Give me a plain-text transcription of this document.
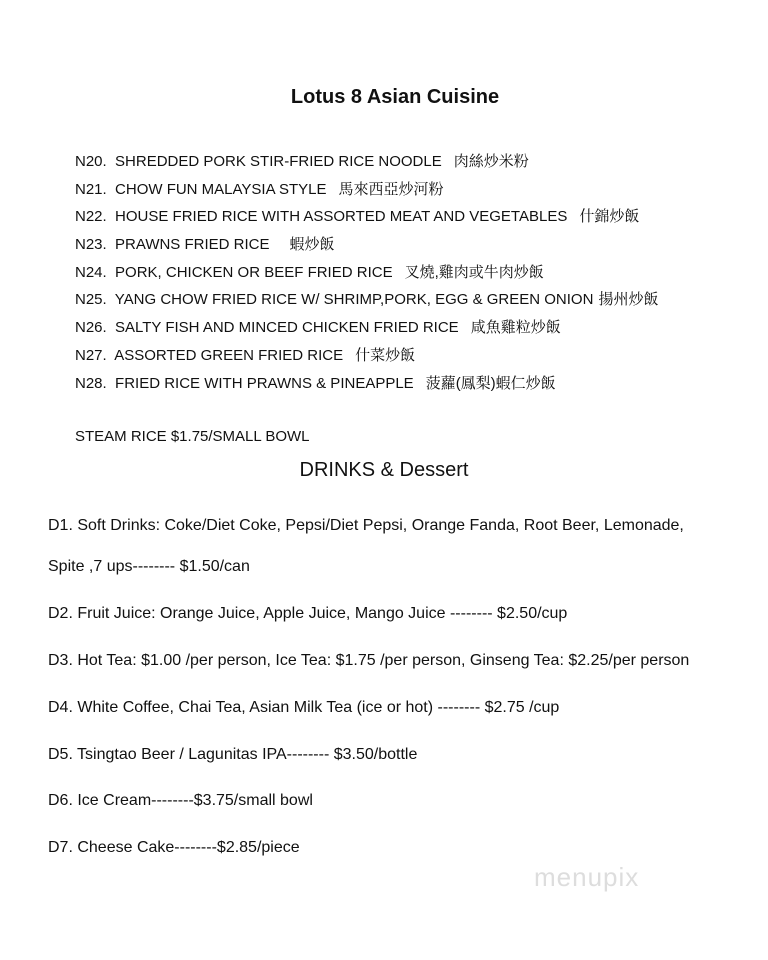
Lotus 8 Asian Cuisine
N20. SHREDDED PORK STIR-FRIED RICE NOODLE 肉絲炒米粉
N21. CHOW FUN MALAYSIA STYLE 馬來西亞炒河粉
N22. HOUSE FRIED RICE WITH ASSORTED MEAT AND VEGETABLES 什錦炒飯
N23. PRAWNS FRIED RICE 蝦炒飯
N24. PORK, CHICKEN OR BEEF FRIED RICE 叉燒,雞肉或牛肉炒飯
N25. YANG CHOW FRIED RICE W/ SHRIMP,PORK, EGG & GREEN ONION 揚州炒飯
N26. SALTY FISH AND MINCED CHICKEN FRIED RICE 咸魚雞粒炒飯
N27. ASSORTED GREEN FRIED RICE 什菜炒飯
N28. FRIED RICE WITH PRAWNS & PINEAPPLE 菠蘿(鳳梨)蝦仁炒飯
STEAM RICE $1.75/SMALL BOWL
DRINKS & Dessert
D1. Soft Drinks: Coke/Diet Coke, Pepsi/Diet Pepsi, Orange Fanda, Root Beer, Lemonade,
Spite ,7 ups-------- $1.50/can
D2. Fruit Juice: Orange Juice, Apple Juice, Mango Juice -------- $2.50/cup
D3. Hot Tea: $1.00 /per person, Ice Tea: $1.75 /per person, Ginseng Tea: $2.25/per person
D4. White Coffee, Chai Tea, Asian Milk Tea (ice or hot) -------- $2.75 /cup
D5. Tsingtao Beer / Lagunitas IPA-------- $3.50/bottle
D6. Ice Cream--------$3.75/small bowl
D7. Cheese Cake--------$2.85/piece
menupix
